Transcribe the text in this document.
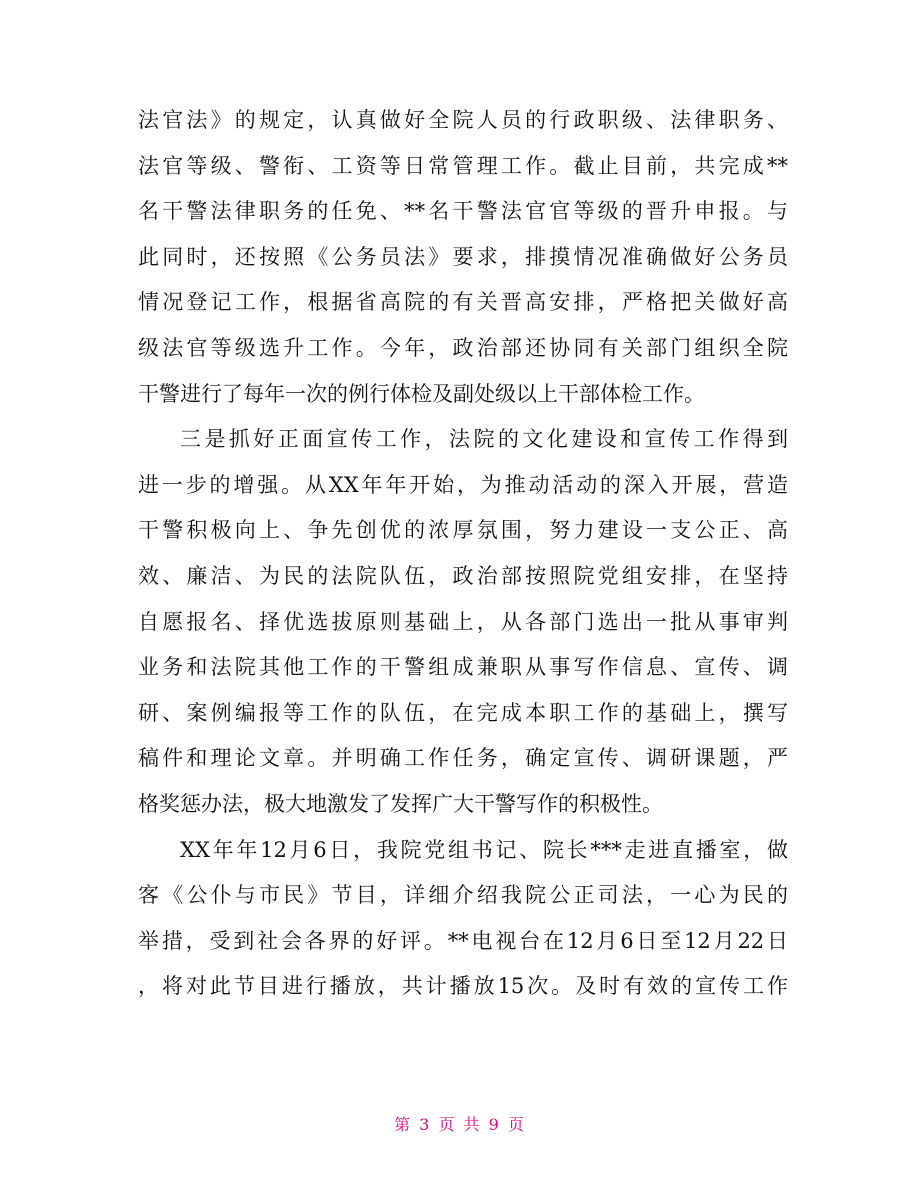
法官法》的规定，认真做好全院人员的行政职级、法律职务、
法官等级、警衔、工资等日常管理工作。截止目前，共完成**
名干警法律职务的任免、**名干警法官官等级的晋升申报。与
此同时，还按照《公务员法》要求，排摸情况准确做好公务员
情况登记工作，根据省高院的有关晋高安排，严格把关做好高
级法官等级选升工作。今年，政治部还协同有关部门组织全院
干警进行了每年一次的例行体检及副处级以上干部体检工作。
三是抓好正面宣传工作，法院的文化建设和宣传工作得到
进一步的增强。从XX年年开始，为推动活动的深入开展，营造
干警积极向上、争先创优的浓厚氛围，努力建设一支公正、高
效、廉洁、为民的法院队伍，政治部按照院党组安排，在坚持
自愿报名、择优选拔原则基础上，从各部门选出一批从事审判
业务和法院其他工作的干警组成兼职从事写作信息、宣传、调
研、案例编报等工作的队伍，在完成本职工作的基础上，撰写
稿件和理论文章。并明确工作任务，确定宣传、调研课题，严
格奖惩办法，极大地激发了发挥广大干警写作的积极性。
XX年年12月6日，我院党组书记、院长***走进直播室，做
客《公仆与市民》节目，详细介绍我院公正司法，一心为民的
举措，受到社会各界的好评。**电视台在12月6日至12月22日
，将对此节目进行播放，共计播放15次。及时有效的宣传工作
第 3 页 共 9 页
